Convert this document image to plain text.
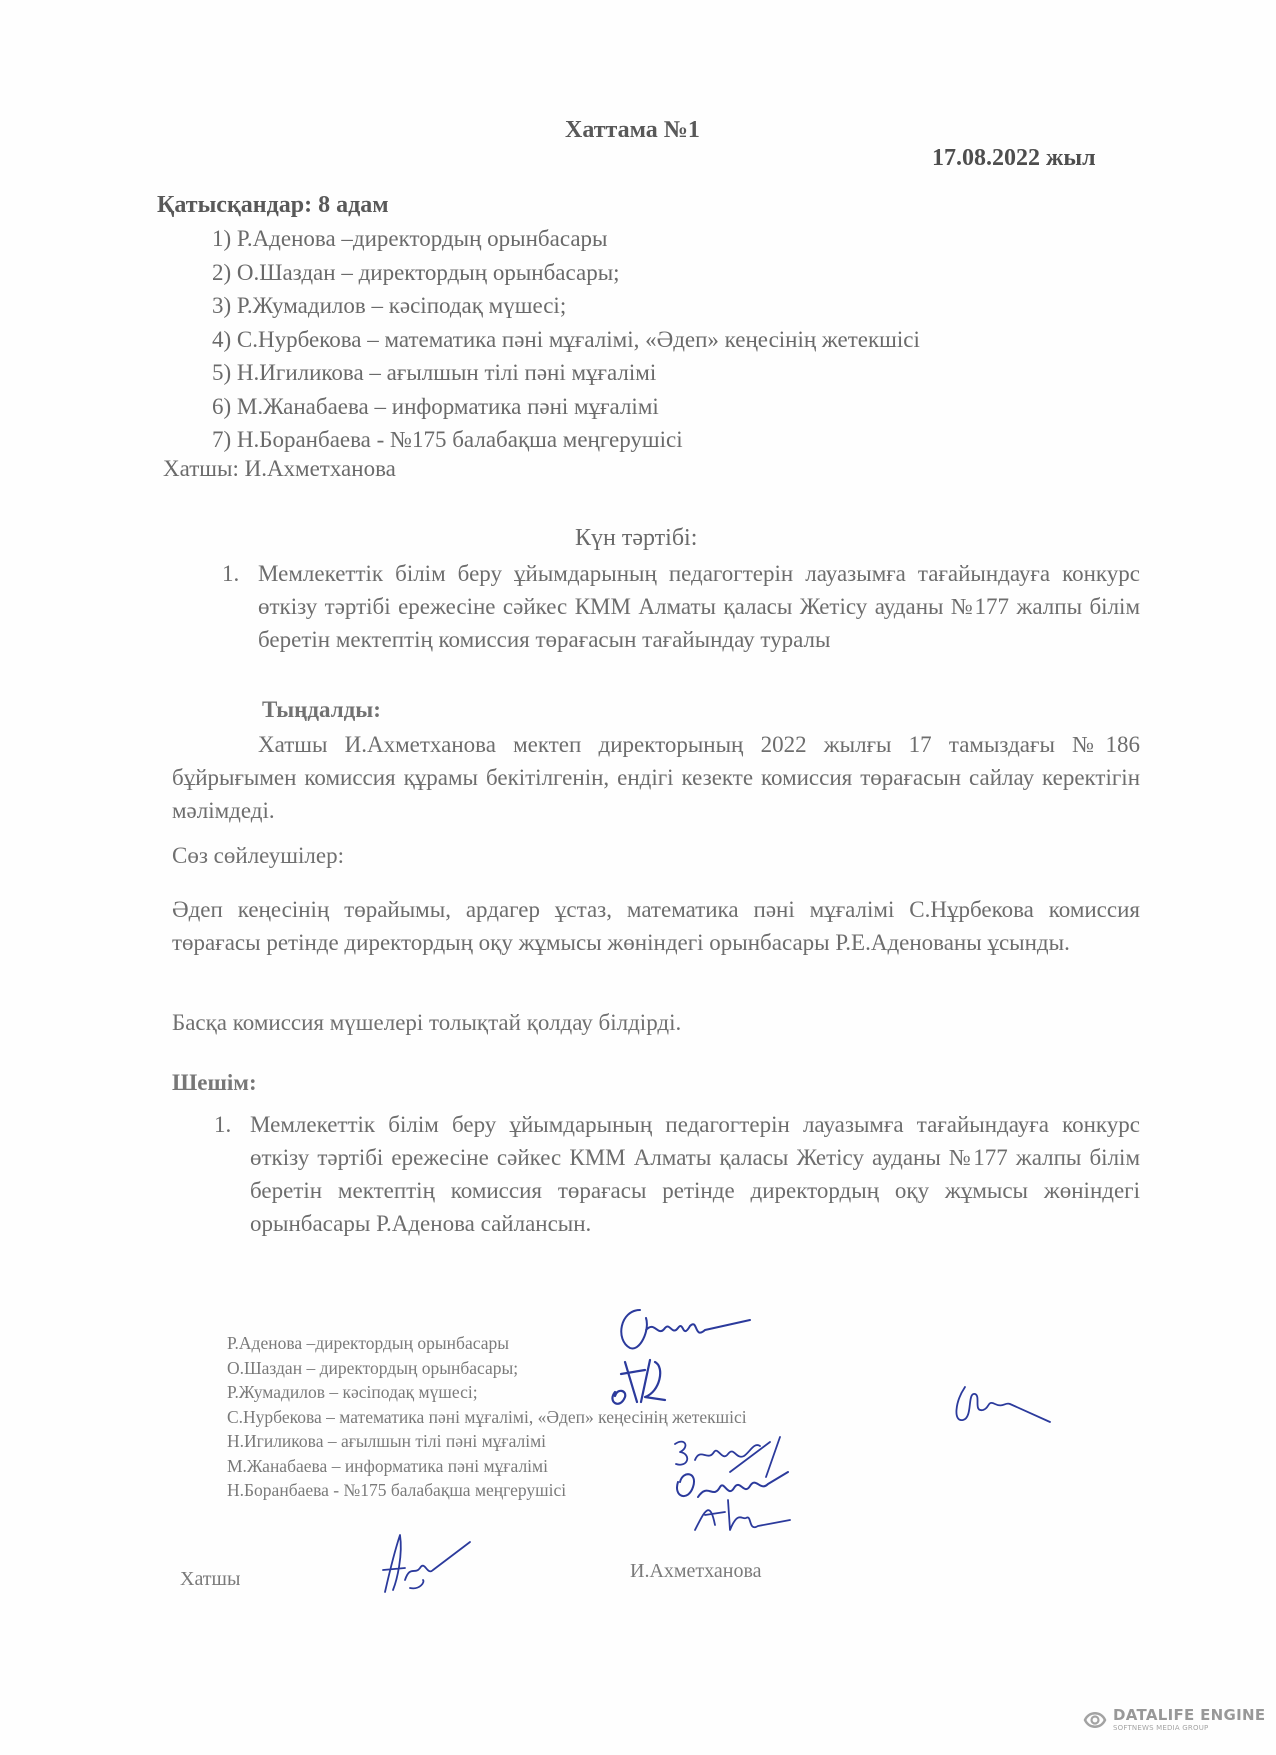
Хаттама №1
17.08.2022 жыл
Қатысқандар: 8 адам
1) Р.Аденова –директордың орынбасары
2) О.Шаздан – директордың орынбасары;
3) Р.Жумадилов – кәсіподақ мүшесі;
4) С.Нурбекова – математика пәні мұғалімі, «Әдеп» кеңесінің жетекшісі
5) Н.Игиликова – ағылшын тілі пәні мұғалімі
6) М.Жанабаева – информатика пәні мұғалімі
7) Н.Боранбаева - №175 балабақша меңгерушісі
Хатшы: И.Ахметханова
Күн тәртібі:
1. Мемлекеттік білім беру ұйымдарының педагогтерін лауазымға тағайындауға конкурс өткізу тәртібі ережесіне сәйкес КММ Алматы қаласы Жетісу ауданы №177 жалпы білім беретін мектептің комиссия төрағасын тағайындау туралы
Тыңдалды:
Хатшы И.Ахметханова мектеп директорының 2022 жылғы 17 тамыздағы №186 бұйрығымен комиссия құрамы бекітілгенін, ендігі кезекте комиссия төрағасын сайлау керектігін мәлімдеді.
Сөз сөйлеушілер:
Әдеп кеңесінің төрайымы, ардагер ұстаз, математика пәні мұғалімі С.Нұрбекова комиссия төрағасы ретінде директордың оқу жұмысы жөніндегі орынбасары Р.Е.Аденованы ұсынды.
Басқа комиссия мүшелері толықтай қолдау білдірді.
Шешім:
1. Мемлекеттік білім беру ұйымдарының педагогтерін лауазымға тағайындауға конкурс өткізу тәртібі ережесіне сәйкес КММ Алматы қаласы Жетісу ауданы №177 жалпы білім беретін мектептің комиссия төрағасы ретінде директордың оқу жұмысы жөніндегі орынбасары Р.Аденова сайлансын.
Р.Аденова –директордың орынбасары
О.Шаздан – директордың орынбасары;
Р.Жумадилов – кәсіподақ мүшесі;
С.Нурбекова – математика пәні мұғалімі, «Әдеп» кеңесінің жетекшісі
Н.Игиликова – ағылшын тілі пәні мұғалімі
М.Жанабаева – информатика пәні мұғалімі
Н.Боранбаева - №175 балабақша меңгерушісі
Хатшы	И.Ахметханова
DATALIFE ENGINE
SOFTNEWS MEDIA GROUP
